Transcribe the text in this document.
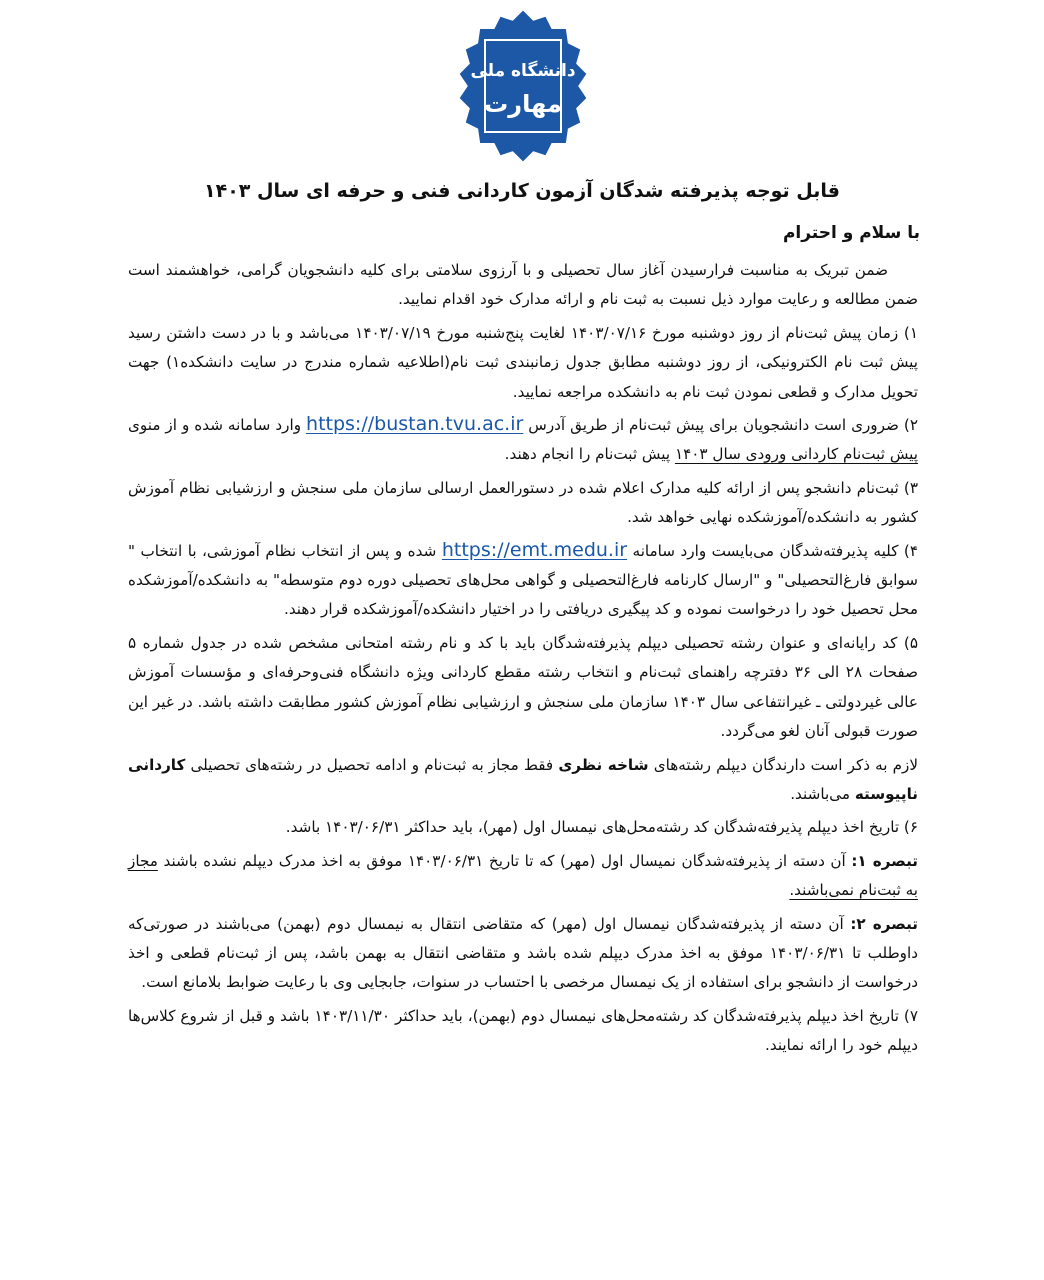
دانشگاه ملی
مهارت
قابل توجه پذیرفته شدگان آزمون کاردانی فنی و حرفه ای سال ۱۴۰۳
با سلام و احترام

ضمن تبریک به مناسبت فرارسیدن آغاز سال تحصیلی و با آرزوی سلامتی برای کلیه دانشجویان گرامی، خواهشمند است ضمن مطالعه و رعایت موارد ذیل نسبت به ثبت نام و ارائه مدارک خود اقدام نمایید.

۱) زمان پیش ثبت‌نام از روز دوشنبه مورخ ۱۴۰۳/۰۷/۱۶ لغایت پنج‌شنبه مورخ ۱۴۰۳/۰۷/۱۹ می‌باشد و با در دست داشتن رسید پیش ثبت نام الکترونیکی، از روز دوشنبه مطابق جدول زمانبندی ثبت نام(اطلاعیه شماره مندرج در سایت دانشکده۱) جهت تحویل مدارک و قطعی نمودن ثبت نام به دانشکده مراجعه نمایید.

۲) ضروری است دانشجویان برای پیش ثبت‌نام از طریق آدرس https://bustan.tvu.ac.ir وارد سامانه شده و از منوی پیش ثبت‌نام کاردانی ورودی سال ۱۴۰۳ پیش ثبت‌نام را انجام دهند.

۳) ثبت‌نام دانشجو پس از ارائه کلیه مدارک اعلام شده در دستورالعمل ارسالی سازمان ملی سنجش و ارزشیابی نظام آموزش کشور به دانشکده/آموزشکده نهایی خواهد شد.

۴) کلیه پذیرفته‌شدگان می‌بایست وارد سامانه https://emt.medu.ir شده و پس از انتخاب نظام آموزشی، با انتخاب " سوابق فارغ‌التحصیلی" و "ارسال کارنامه فارغ‌التحصیلی و گواهی محل‌های تحصیلی دوره دوم متوسطه" به دانشکده/آموزشکده محل تحصیل خود را درخواست نموده و کد پیگیری دریافتی را در اختیار دانشکده/آموزشکده قرار دهند.

۵) کد رایانه‌ای و عنوان رشته تحصیلی دیپلم پذیرفته‌شدگان باید با کد و نام رشته امتحانی مشخص شده در جدول شماره ۵ صفحات ۲۸ الی ۳۶ دفترچه راهنمای ثبت‌نام و انتخاب رشته مقطع کاردانی ویژه دانشگاه فنی‌وحرفه‌ای و مؤسسات آموزش عالی غیردولتی ـ غیرانتفاعی سال ۱۴۰۳ سازمان ملی سنجش و ارزشیابی نظام آموزش کشور مطابقت داشته باشد. در غیر این صورت قبولی آنان لغو می‌گردد.

لازم به ذکر است دارندگان دیپلم رشته‌های شاخه نظری فقط مجاز به ثبت‌نام و ادامه تحصیل در رشته‌های تحصیلی کاردانی ناپیوسته می‌باشند.

۶) تاریخ اخذ دیپلم پذیرفته‌شدگان کد رشته‌محل‌های نیمسال اول (مهر)، باید حداکثر ۱۴۰۳/۰۶/۳۱ باشد.

تبصره ۱: آن دسته از پذیرفته‌شدگان نمیسال اول (مهر) که تا تاریخ ۱۴۰۳/۰۶/۳۱ موفق به اخذ مدرک دیپلم نشده باشند مجاز به ثبت‌نام نمی‌باشند.

تبصره ۲: آن دسته از پذیرفته‌شدگان نیمسال اول (مهر) که متقاضی انتقال به نیمسال دوم (بهمن) می‌باشند در صورتی‌که داوطلب تا ۱۴۰۳/۰۶/۳۱ موفق به اخذ مدرک دیپلم شده باشد و متقاضی انتقال به بهمن باشد، پس از ثبت‌نام قطعی و اخذ درخواست از دانشجو برای استفاده از یک نیمسال مرخصی با احتساب در سنوات، جابجایی وی با رعایت ضوابط بلامانع است.

۷) تاریخ اخذ دیپلم پذیرفته‌شدگان کد رشته‌محل‌های نیمسال دوم (بهمن)، باید حداکثر ۱۴۰۳/۱۱/۳۰ باشد و قبل از شروع کلاس‌ها دیپلم خود را ارائه نمایند.
